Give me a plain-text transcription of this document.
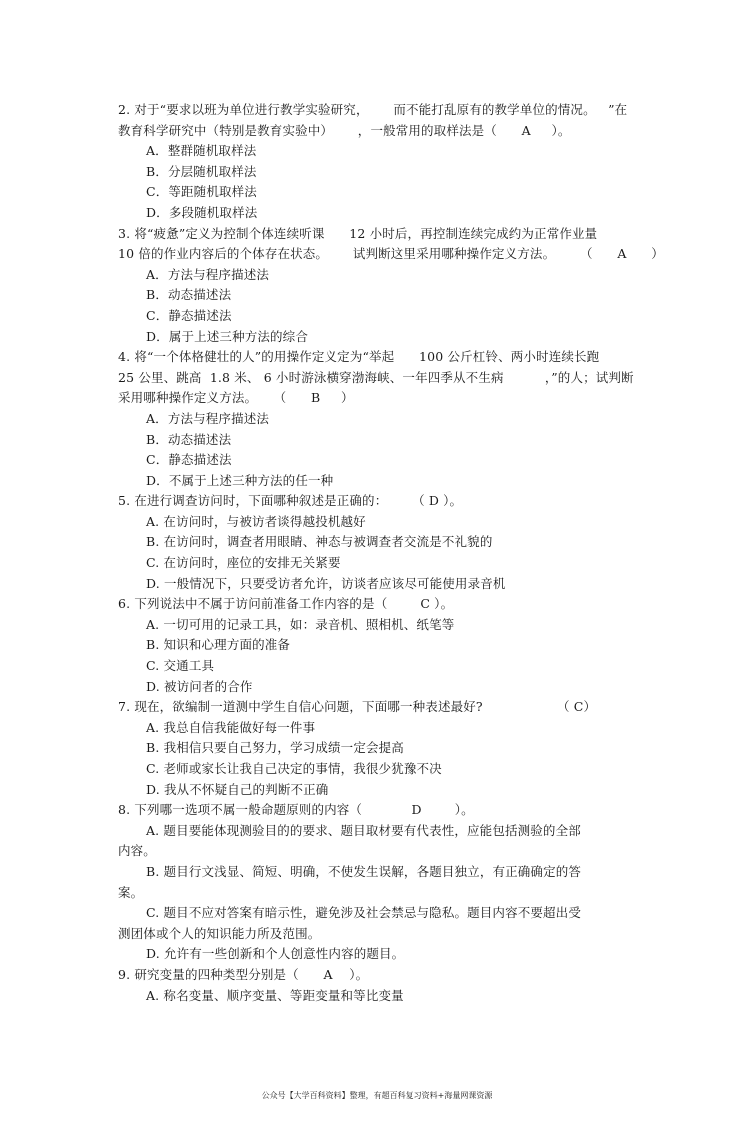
2. 对于“要求以班为单位进行教学实验研究，      而不能打乱原有的教学单位的情况。   ”在
教育科学研究中（特别是教育实验中）      ，一般常用的取样法是（      A     ）。
A．整群随机取样法
B．分层随机取样法
C．等距随机取样法
D．多段随机取样法
3. 将“疲惫”定义为控制个体连续听课      12 小时后，再控制连续完成约为正常作业量
10 倍的作业内容后的个体存在状态。      试判断这里采用哪种操作定义方法。      （      A      ）
A．方法与程序描述法
B．动态描述法
C．静态描述法
D．属于上述三种方法的综合
4. 将“一个体格健壮的人”的用操作定义定为“举起      100 公斤杠铃、两小时连续长跑
25 公里、跳高  1.8 米、 6 小时游泳横穿渤海峡、一年四季从不生病          ，”的人；试判断
采用哪种操作定义方法。    （      B     ）
A．方法与程序描述法
B．动态描述法
C．静态描述法
D．不属于上述三种方法的任一种
5. 在进行调查访问时，下面哪种叙述是正确的：      （ D ）。
A. 在访问时，与被访者谈得越投机越好
B. 在访问时，调查者用眼睛、神态与被调查者交流是不礼貌的
C. 在访问时，座位的安排无关紧要
D. 一般情况下，只要受访者允许，访谈者应该尽可能使用录音机
6. 下列说法中不属于访问前准备工作内容的是（        C ）。
A. 一切可用的记录工具，如：录音机、照相机、纸笔等
B. 知识和心理方面的准备
C. 交通工具
D. 被访问者的合作
7. 现在，欲编制一道测中学生自信心问题，下面哪一种表述最好?                  （ C）
A. 我总自信我能做好每一件事
B. 我相信只要自己努力，学习成绩一定会提高
C. 老师或家长让我自己决定的事情，我很少犹豫不决
D. 我从不怀疑自己的判断不正确
8. 下列哪一选项不属一般命题原则的内容（            D        ）。
A. 题目要能体现测验目的的要求、题目取材要有代表性，应能包括测验的全部内容。
B. 题目行文浅显、简短、明确，不使发生误解，各题目独立，有正确确定的答案。
C. 题目不应对答案有暗示性，避免涉及社会禁忌与隐私。题目内容不要超出受测团体或个人的知识能力所及范围。
D. 允许有一些创新和个人创意性内容的题目。
9. 研究变量的四种类型分别是（      A    ）。
A. 称名变量、顺序变量、等距变量和等比变量
公众号【大学百科资料】整理，有超百科复习资料+海量网课资源
